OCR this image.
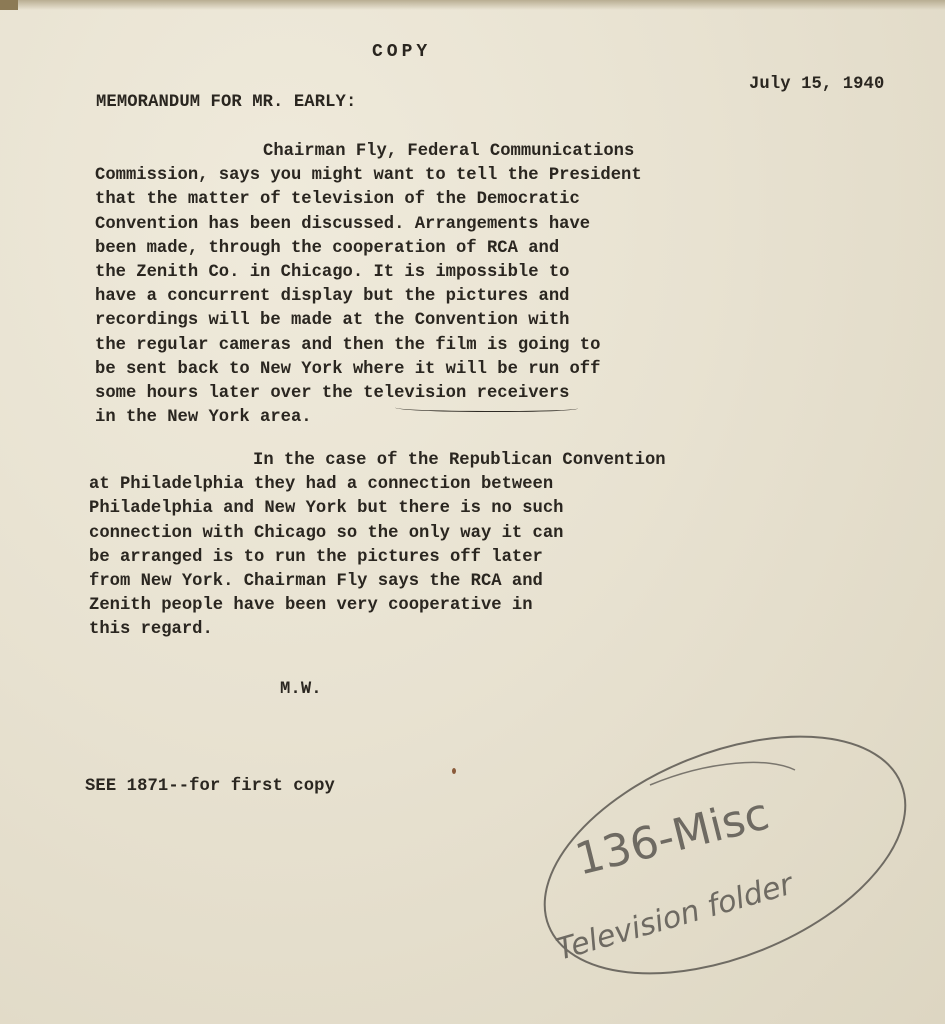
COPY
July 15, 1940
MEMORANDUM FOR MR. EARLY:
Chairman Fly, Federal Communications
Commission, says you might want to tell the President
that the matter of television of the Democratic
Convention has been discussed. Arrangements have
been made, through the cooperation of RCA and
the Zenith Co. in Chicago. It is impossible to
have a concurrent display but the pictures and
recordings will be made at the Convention with
the regular cameras and then the film is going to
be sent back to New York where it will be run off
some hours later over the television receivers
in the New York area.
In the case of the Republican Convention
at Philadelphia they had a connection between
Philadelphia and New York but there is no such
connection with Chicago so the only way it can
be arranged is to run the pictures off later
from New York. Chairman Fly says the RCA and
Zenith people have been very cooperative in
this regard.
M.W.
SEE 1871--for first copy
136-Misc
Television folder
